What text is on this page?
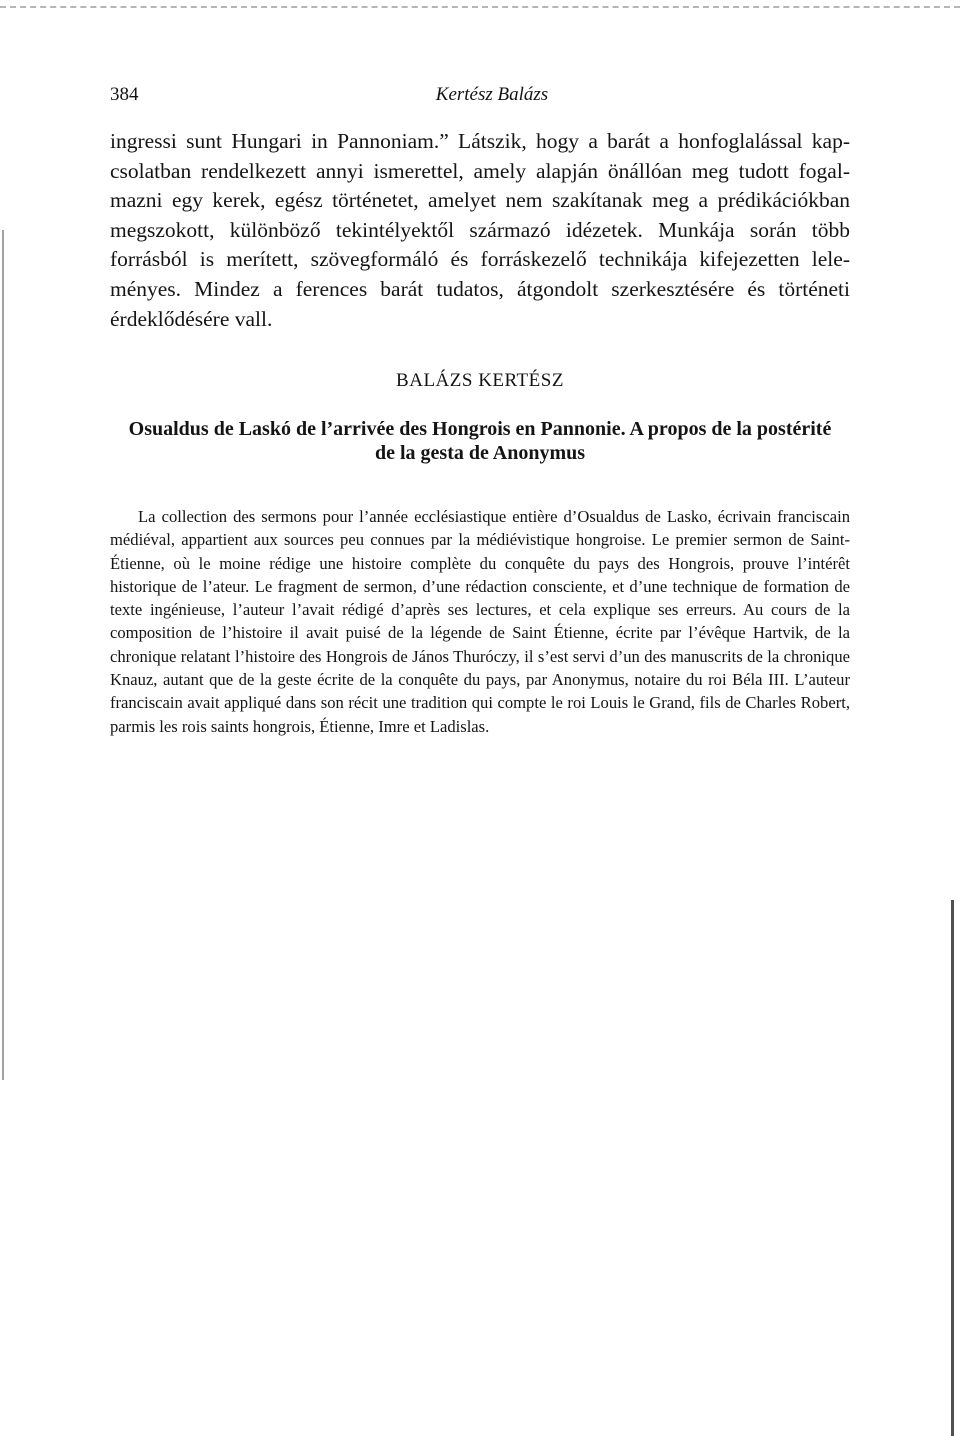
384	Kertész Balázs

ingressi sunt Hungari in Pannoniam.” Látszik, hogy a barát a honfoglalással kapcsolatban rendelkezett annyi ismerettel, amely alapján önállóan meg tudott fogalmazni egy kerek, egész történetet, amelyet nem szakítanak meg a prédikációkban megszokott, különböző tekintélyektől származó idézetek. Munkája során több forrásból is merített, szövegformáló és forráskezelő technikája kifejezetten leleményes. Mindez a ferences barát tudatos, átgondolt szerkesztésére és történeti érdeklődésére vall.

BALÁZS KERTÉSZ

Osualdus de Laskó de l’arrivée des Hongrois en Pannonie. A propos de la postérité
de la gesta de Anonymus

La collection des sermons pour l’année ecclésiastique entière d’Osualdus de Lasko, écrivain franciscain médiéval, appartient aux sources peu connues par la médiévistique hongroise. Le premier sermon de Saint-Étienne, où le moine rédige une histoire complète du conquête du pays des Hongrois, prouve l’intérêt historique de l’ateur. Le fragment de sermon, d’une rédaction consciente, et d’une technique de formation de texte ingénieuse, l’auteur l’avait rédigé d’après ses lectures, et cela explique ses erreurs. Au cours de la composition de l’histoire il avait puisé de la légende de Saint Étienne, écrite par l’évêque Hartvik, de la chronique relatant l’histoire des Hongrois de János Thuróczy, il s’est servi d’un des manuscrits de la chronique Knauz, autant que de la geste écrite de la conquête du pays, par Anonymus, notaire du roi Béla III. L’auteur franciscain avait appliqué dans son récit une tradition qui compte le roi Louis le Grand, fils de Charles Robert, parmis les rois saints hongrois, Étienne, Imre et Ladislas.
